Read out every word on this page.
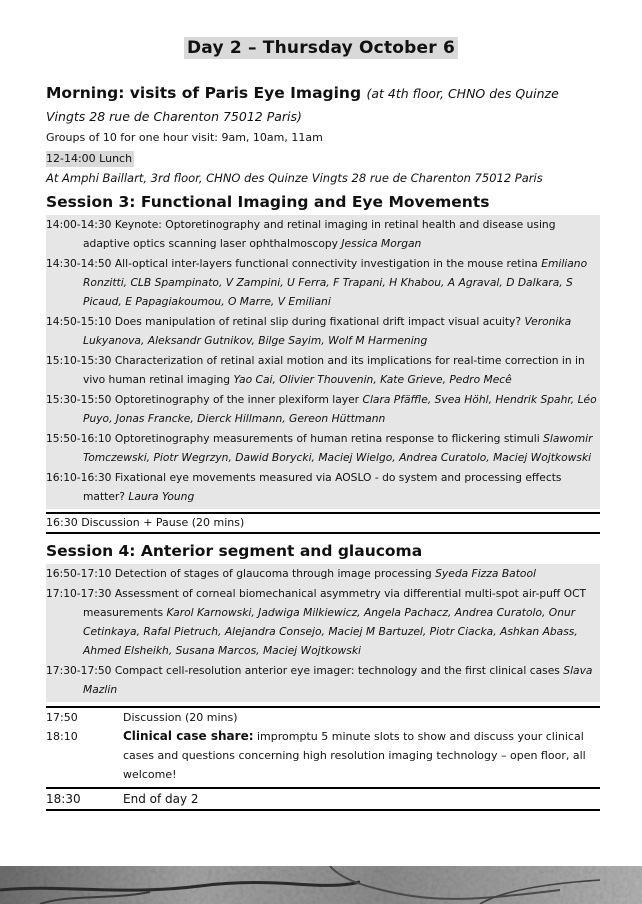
Day 2 – Thursday October 6
Morning: visits of Paris Eye Imaging (at 4th floor, CHNO des Quinze Vingts 28 rue de Charenton 75012 Paris)
Groups of 10 for one hour visit: 9am, 10am, 11am
12-14:00 Lunch
At Amphi Baillart, 3rd floor, CHNO des Quinze Vingts 28 rue de Charenton 75012 Paris
Session 3: Functional Imaging and Eye Movements
14:00-14:30 Keynote: Optoretinography and retinal imaging in retinal health and disease using adaptive optics scanning laser ophthalmoscopy Jessica Morgan
14:30-14:50 All-optical inter-layers functional connectivity investigation in the mouse retina Emiliano Ronzitti, CLB Spampinato, V Zampini, U Ferra, F Trapani, H Khabou, A Agraval, D Dalkara, S Picaud, E Papagiakoumou, O Marre, V Emiliani
14:50-15:10 Does manipulation of retinal slip during fixational drift impact visual acuity? Veronika Lukyanova, Aleksandr Gutnikov, Bilge Sayim, Wolf M Harmening
15:10-15:30 Characterization of retinal axial motion and its implications for real-time correction in in vivo human retinal imaging Yao Cai, Olivier Thouvenin, Kate Grieve, Pedro Mecê
15:30-15:50 Optoretinography of the inner plexiform layer Clara Pfäffle, Svea Höhl, Hendrik Spahr, Léo Puyo, Jonas Francke, Dierck Hillmann, Gereon Hüttmann
15:50-16:10 Optoretinography measurements of human retina response to flickering stimuli Slawomir Tomczewski, Piotr Wegrzyn, Dawid Borycki, Maciej Wielgo, Andrea Curatolo, Maciej Wojtkowski
16:10-16:30 Fixational eye movements measured via AOSLO - do system and processing effects matter? Laura Young
16:30 Discussion + Pause (20 mins)
Session 4: Anterior segment and glaucoma
16:50-17:10 Detection of stages of glaucoma through image processing Syeda Fizza Batool
17:10-17:30 Assessment of corneal biomechanical asymmetry via differential multi-spot air-puff OCT measurements Karol Karnowski, Jadwiga Milkiewicz, Angela Pachacz, Andrea Curatolo, Onur Cetinkaya, Rafal Pietruch, Alejandra Consejo, Maciej M Bartuzel, Piotr Ciacka, Ashkan Abass, Ahmed Elsheikh, Susana Marcos, Maciej Wojtkowski
17:30-17:50 Compact cell-resolution anterior eye imager: technology and the first clinical cases Slava Mazlin
17:50	Discussion (20 mins)
18:10	Clinical case share: impromptu 5 minute slots to show and discuss your clinical cases and questions concerning high resolution imaging technology – open floor, all welcome!
18:30	End of day 2
